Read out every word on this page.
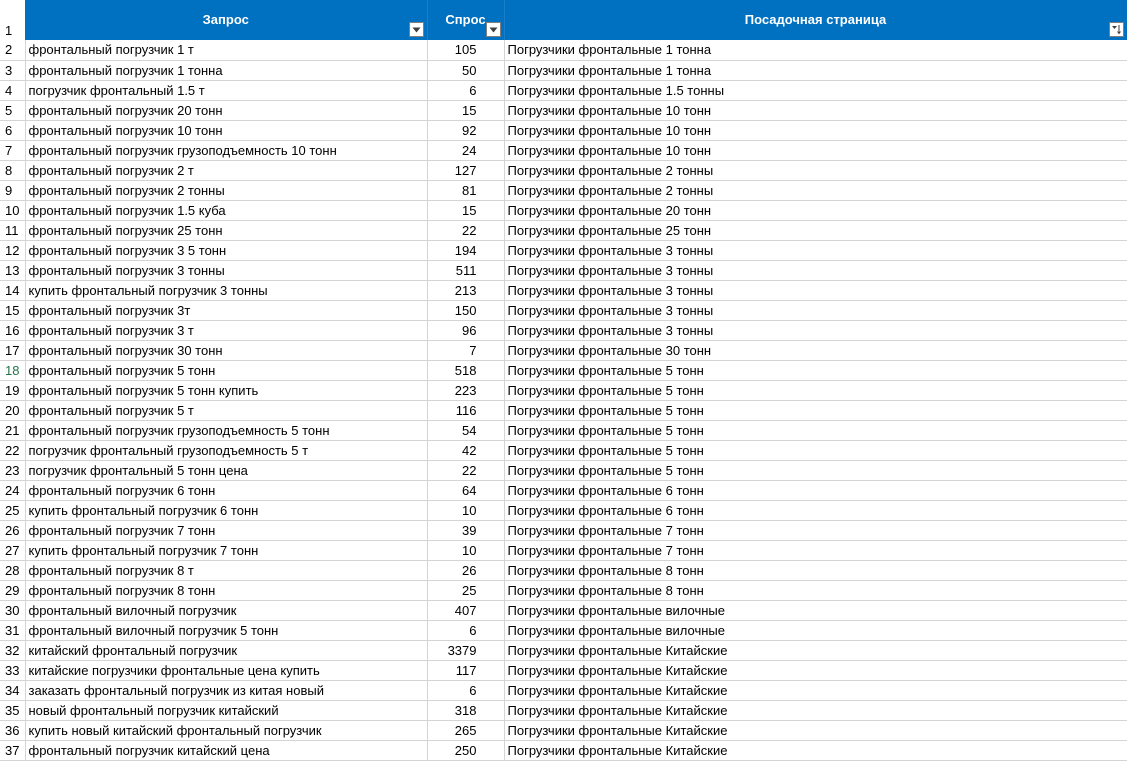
1	Запрос	Спрос	Посадочная страница

2	фронтальный погрузчик 1 т	105	Погрузчики фронтальные 1 тонна
3	фронтальный погрузчик 1 тонна	50	Погрузчики фронтальные 1 тонна
4	погрузчик фронтальный 1.5 т	6	Погрузчики фронтальные 1.5 тонны
5	фронтальный погрузчик 20 тонн	15	Погрузчики фронтальные 10 тонн
6	фронтальный погрузчик 10 тонн	92	Погрузчики фронтальные 10 тонн
7	фронтальный погрузчик грузоподъемность 10 тонн	24	Погрузчики фронтальные 10 тонн
8	фронтальный погрузчик 2 т	127	Погрузчики фронтальные 2 тонны
9	фронтальный погрузчик 2 тонны	81	Погрузчики фронтальные 2 тонны
10	фронтальный погрузчик 1.5 куба	15	Погрузчики фронтальные 20 тонн
11	фронтальный погрузчик 25 тонн	22	Погрузчики фронтальные 25 тонн
12	фронтальный погрузчик 3 5 тонн	194	Погрузчики фронтальные 3 тонны
13	фронтальный погрузчик 3 тонны	511	Погрузчики фронтальные 3 тонны
14	купить фронтальный погрузчик 3 тонны	213	Погрузчики фронтальные 3 тонны
15	фронтальный погрузчик 3т	150	Погрузчики фронтальные 3 тонны
16	фронтальный погрузчик 3 т	96	Погрузчики фронтальные 3 тонны
17	фронтальный погрузчик 30 тонн	7	Погрузчики фронтальные 30 тонн
18	фронтальный погрузчик 5 тонн	518	Погрузчики фронтальные 5 тонн
19	фронтальный погрузчик 5 тонн купить	223	Погрузчики фронтальные 5 тонн
20	фронтальный погрузчик 5 т	116	Погрузчики фронтальные 5 тонн
21	фронтальный погрузчик грузоподъемность 5 тонн	54	Погрузчики фронтальные 5 тонн
22	погрузчик фронтальный грузоподъемность 5 т	42	Погрузчики фронтальные 5 тонн
23	погрузчик фронтальный 5 тонн цена	22	Погрузчики фронтальные 5 тонн
24	фронтальный погрузчик 6 тонн	64	Погрузчики фронтальные 6 тонн
25	купить фронтальный погрузчик 6 тонн	10	Погрузчики фронтальные 6 тонн
26	фронтальный погрузчик 7 тонн	39	Погрузчики фронтальные 7 тонн
27	купить фронтальный погрузчик 7 тонн	10	Погрузчики фронтальные 7 тонн
28	фронтальный погрузчик 8 т	26	Погрузчики фронтальные 8 тонн
29	фронтальный погрузчик 8 тонн	25	Погрузчики фронтальные 8 тонн
30	фронтальный вилочный погрузчик	407	Погрузчики фронтальные вилочные
31	фронтальный вилочный погрузчик 5 тонн	6	Погрузчики фронтальные вилочные
32	китайский фронтальный погрузчик	3379	Погрузчики фронтальные Китайские
33	китайские погрузчики фронтальные цена купить	117	Погрузчики фронтальные Китайские
34	заказать фронтальный погрузчик из китая новый	6	Погрузчики фронтальные Китайские
35	новый фронтальный погрузчик китайский	318	Погрузчики фронтальные Китайские
36	купить новый китайский фронтальный погрузчик	265	Погрузчики фронтальные Китайские
37	фронтальный погрузчик китайский цена	250	Погрузчики фронтальные Китайские
